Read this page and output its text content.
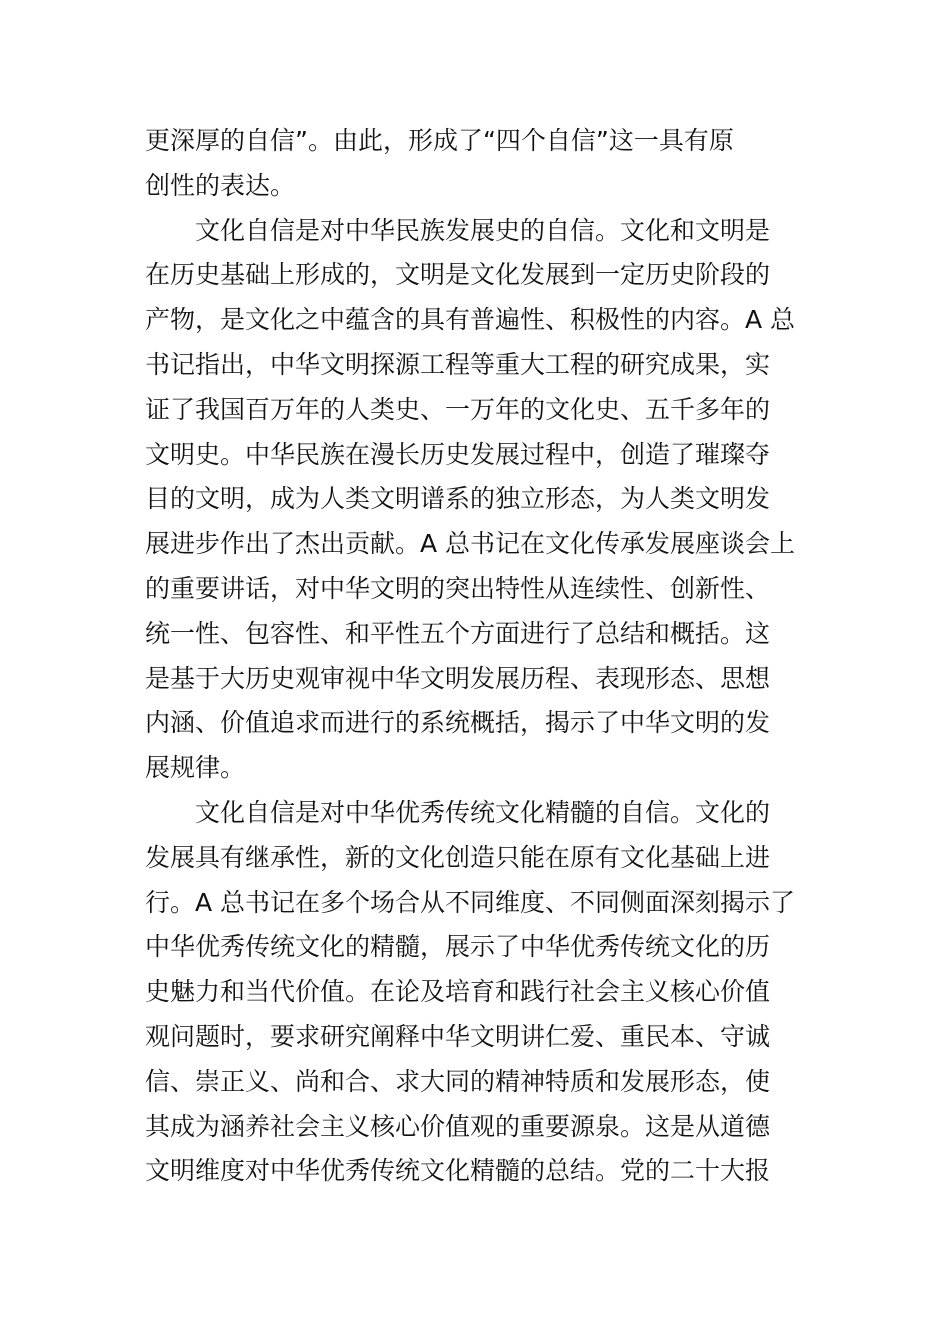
更深厚的自信”。由此，形成了“四个自信”这一具有原
创性的表达。

文化自信是对中华民族发展史的自信。文化和文明是
在历史基础上形成的，文明是文化发展到一定历史阶段的
产物，是文化之中蕴含的具有普遍性、积极性的内容。A 总
书记指出，中华文明探源工程等重大工程的研究成果，实
证了我国百万年的人类史、一万年的文化史、五千多年的
文明史。中华民族在漫长历史发展过程中，创造了璀璨夺
目的文明，成为人类文明谱系的独立形态，为人类文明发
展进步作出了杰出贡献。A 总书记在文化传承发展座谈会上
的重要讲话，对中华文明的突出特性从连续性、创新性、
统一性、包容性、和平性五个方面进行了总结和概括。这
是基于大历史观审视中华文明发展历程、表现形态、思想
内涵、价值追求而进行的系统概括，揭示了中华文明的发
展规律。

文化自信是对中华优秀传统文化精髓的自信。文化的
发展具有继承性，新的文化创造只能在原有文化基础上进
行。A 总书记在多个场合从不同维度、不同侧面深刻揭示了
中华优秀传统文化的精髓，展示了中华优秀传统文化的历
史魅力和当代价值。在论及培育和践行社会主义核心价值
观问题时，要求研究阐释中华文明讲仁爱、重民本、守诚
信、崇正义、尚和合、求大同的精神特质和发展形态，使
其成为涵养社会主义核心价值观的重要源泉。这是从道德
文明维度对中华优秀传统文化精髓的总结。党的二十大报
